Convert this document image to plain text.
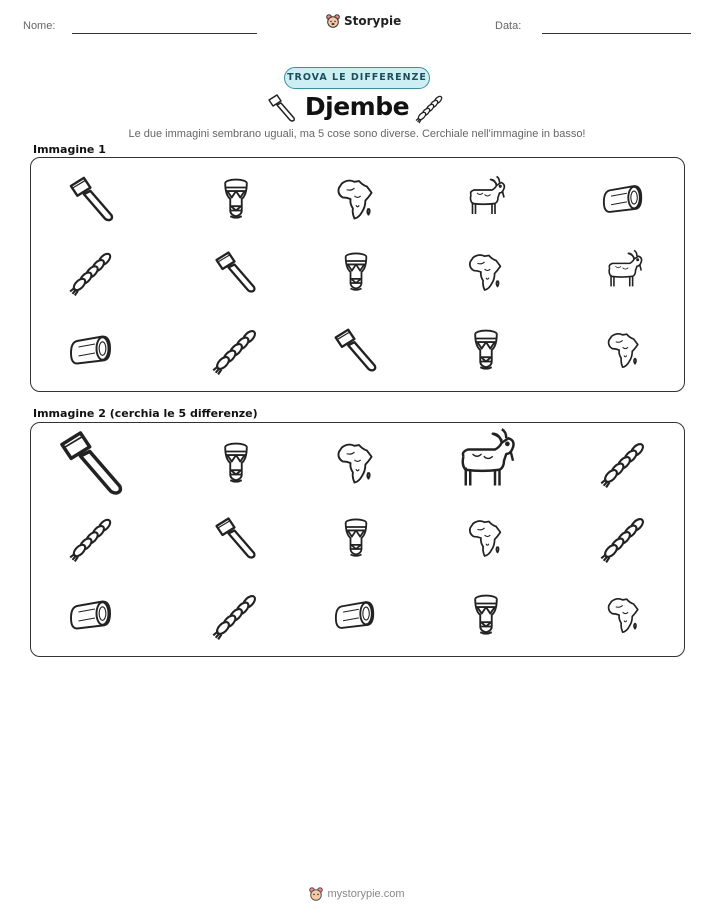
Nome:	Storypie	Data:
TROVA LE DIFFERENZE
Djembe
Le due immagini sembrano uguali, ma 5 cose sono diverse. Cerchiale nell'immagine in basso!
Immagine 1
Immagine 2 (cerchia le 5 differenze)
mystorypie.com
